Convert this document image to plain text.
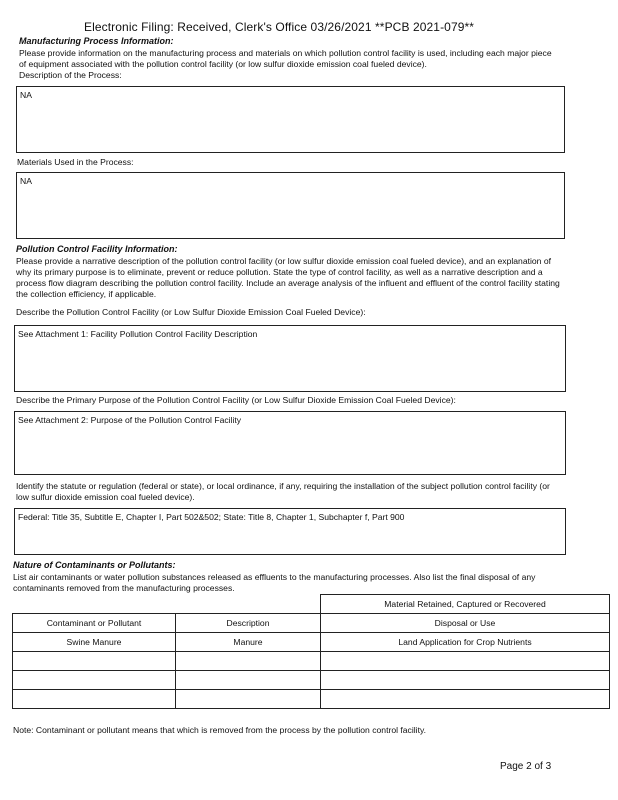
Electronic Filing: Received, Clerk's Office 03/26/2021 **PCB 2021-079**
Manufacturing Process Information:
Please provide information on the manufacturing process and materials on which pollution control facility is used, including each major piece of equipment associated with the pollution control facility (or low sulfur dioxide emission coal fueled device).
Description of the Process:
NA
Materials Used in the Process:
NA
Pollution Control Facility Information:
Please provide a narrative description of the pollution control facility (or low sulfur dioxide emission coal fueled device), and an explanation of why its primary purpose is to eliminate, prevent or reduce pollution. State the type of control facility, as well as a narrative description and a process flow diagram describing the pollution control facility. Include an average analysis of the influent and effluent of the control facility stating the collection efficiency, if applicable.
Describe the Pollution Control Facility (or Low Sulfur Dioxide Emission Coal Fueled Device):
See Attachment 1: Facility Pollution Control Facility Description
Describe the Primary Purpose of the Pollution Control Facility (or Low Sulfur Dioxide Emission Coal Fueled Device):
See Attachment 2: Purpose of the Pollution Control Facility
Identify the statute or regulation (federal or state), or local ordinance, if any, requiring the installation of the subject pollution control facility (or low sulfur dioxide emission coal fueled device).
Federal: Title 35, Subtitle E, Chapter I, Part 502&502; State: Title 8, Chapter 1, Subchapter f, Part 900
Nature of Contaminants or Pollutants:
List air contaminants or water pollution substances released as effluents to the manufacturing processes. Also list the final disposal of any contaminants removed from the manufacturing processes.
		Material Retained, Captured or Recovered
Contaminant or Pollutant	Description	Disposal or Use
Swine Manure	Manure	Land Application for Crop Nutrients

Note: Contaminant or pollutant means that which is removed from the process by the pollution control facility.
Page 2 of 3
